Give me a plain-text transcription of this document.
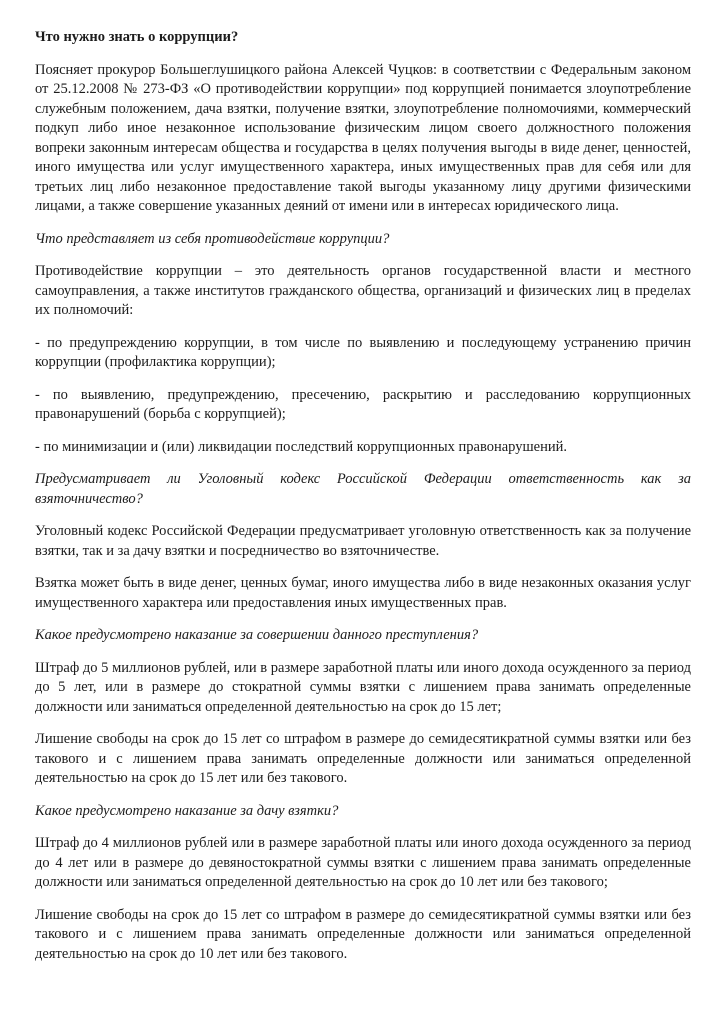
Что нужно знать о коррупции?

Поясняет прокурор Большеглушицкого района Алексей Чуцков: в соответствии с Федеральным законом от 25.12.2008 № 273-ФЗ «О противодействии коррупции» под коррупцией понимается злоупотребление служебным положением, дача взятки, получение взятки, злоупотребление полномочиями, коммерческий подкуп либо иное незаконное использование физическим лицом своего должностного положения вопреки законным интересам общества и государства в целях получения выгоды в виде денег, ценностей, иного имущества или услуг имущественного характера, иных имущественных прав для себя или для третьих лиц либо незаконное предоставление такой выгоды указанному лицу другими физическими лицами, а также совершение указанных деяний от имени или в интересах юридического лица.

Что представляет из себя противодействие коррупции?

Противодействие коррупции – это деятельность органов государственной власти и местного самоуправления, а также институтов гражданского общества, организаций и физических лиц в пределах их полномочий:

- по предупреждению коррупции, в том числе по выявлению и последующему устранению причин коррупции (профилактика коррупции);

- по выявлению, предупреждению, пресечению, раскрытию и расследованию коррупционных правонарушений (борьба с коррупцией);

- по минимизации и (или) ликвидации последствий коррупционных правонарушений.

Предусматривает ли Уголовный кодекс Российской Федерации ответственность как за взяточничество?

Уголовный кодекс Российской Федерации предусматривает уголовную ответственность как за получение взятки, так и за дачу взятки и посредничество во взяточничестве.

Взятка может быть в виде денег, ценных бумаг, иного имущества либо в виде незаконных оказания услуг имущественного характера или предоставления иных имущественных прав.

Какое предусмотрено наказание за совершении данного преступления?

Штраф до 5 миллионов рублей, или в размере заработной платы или иного дохода осужденного за период до 5 лет, или в размере до стократной суммы взятки с лишением права занимать определенные должности или заниматься определенной деятельностью на срок до 15 лет;

Лишение свободы на срок до 15 лет со штрафом в размере до семидесятикратной суммы взятки или без такового и с лишением права занимать определенные должности или заниматься определенной деятельностью на срок до 15 лет или без такового.

Какое предусмотрено наказание за дачу взятки?

Штраф до 4 миллионов рублей или в размере заработной платы или иного дохода осужденного за период до 4 лет или в размере до девяностократной суммы взятки с лишением права занимать определенные должности или заниматься определенной деятельностью на срок до 10 лет или без такового;

Лишение свободы на срок до 15 лет со штрафом в размере до семидесятикратной суммы взятки или без такового и с лишением права занимать определенные должности или заниматься определенной деятельностью на срок до 10 лет или без такового.
